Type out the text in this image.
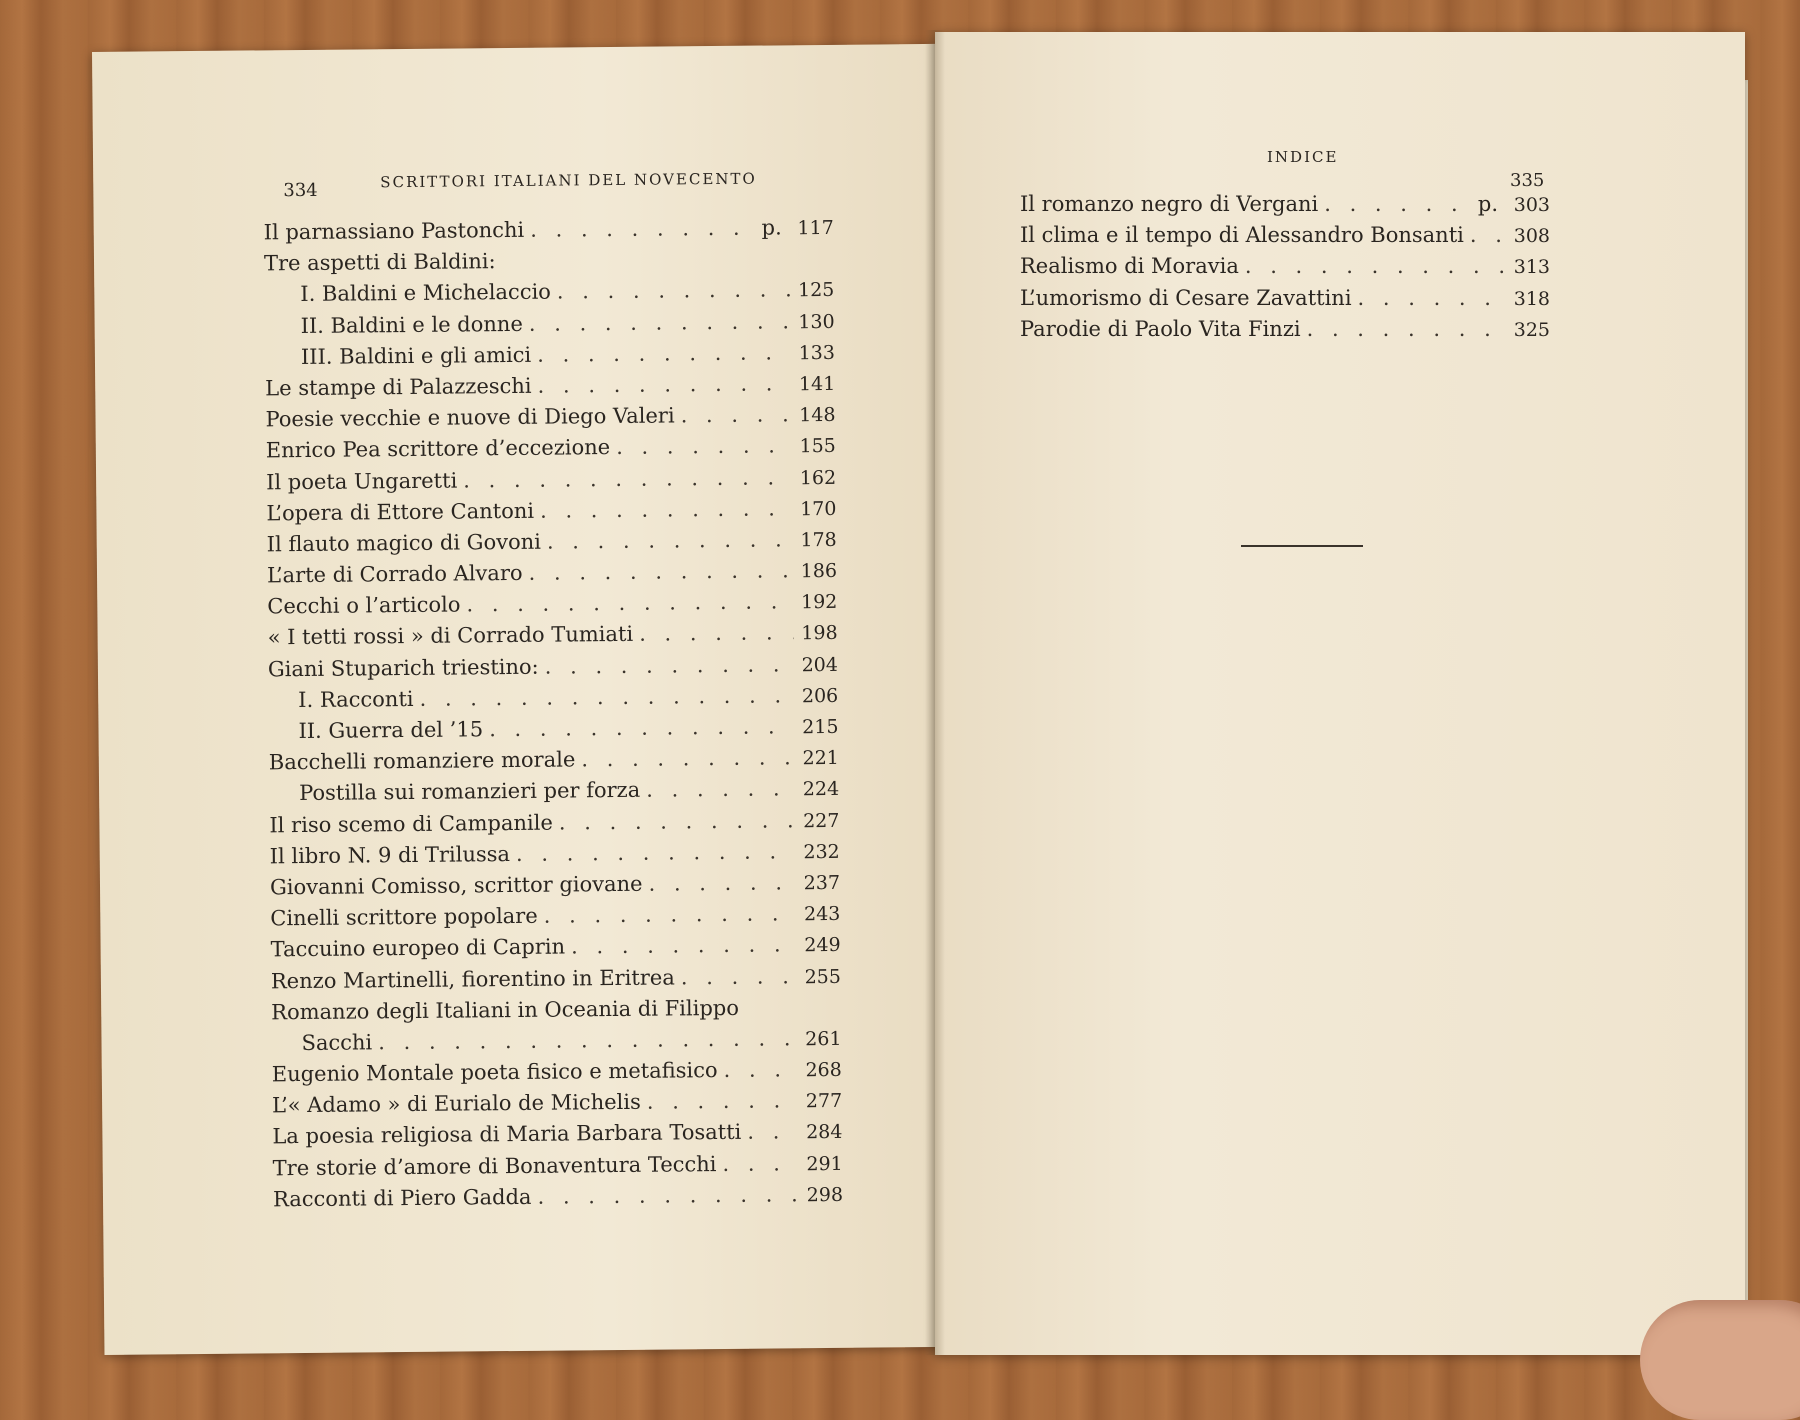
334	SCRITTORI ITALIANI DEL NOVECENTO
Il parnassiano Pastonchi . . .	p. 117
Tre aspetti di Baldini:
I. Baldini e Michelaccio . . .	125
II. Baldini e le donne . . .	130
III. Baldini e gli amici . . .	133
Le stampe di Palazzeschi . . .	141
Poesie vecchie e nuove di Diego Valeri . . .	148
Enrico Pea scrittore d’eccezione . . .	155
Il poeta Ungaretti . . .	162
L’opera di Ettore Cantoni . . .	170
Il flauto magico di Govoni . . .	178
L’arte di Corrado Alvaro . . .	186
Cecchi o l’articolo . . .	192
« I tetti rossi » di Corrado Tumiati . . .	198
Giani Stuparich triestino: . . .	204
I. Racconti . . .	206
II. Guerra del ’15 . . .	215
Bacchelli romanziere morale . . .	221
Postilla sui romanzieri per forza . . .	224
Il riso scemo di Campanile . . .	227
Il libro N. 9 di Trilussa . . .	232
Giovanni Comisso, scrittor giovane . . .	237
Cinelli scrittore popolare . . .	243
Taccuino europeo di Caprin . . .	249
Renzo Martinelli, fiorentino in Eritrea . . .	255
Romanzo degli Italiani in Oceania di Filippo
Sacchi . . .	261
Eugenio Montale poeta fisico e metafisico . . .	268
L’« Adamo » di Eurialo de Michelis . . .	277
La poesia religiosa di Maria Barbara Tosatti . . .	284
Tre storie d’amore di Bonaventura Tecchi . . .	291
Racconti di Piero Gadda . . .	298
INDICE
335
Il romanzo negro di Vergani . . .	p. 303
Il clima e il tempo di Alessandro Bonsanti . . .	308
Realismo di Moravia . . .	313
L’umorismo di Cesare Zavattini . . .	318
Parodie di Paolo Vita Finzi . . .	325
